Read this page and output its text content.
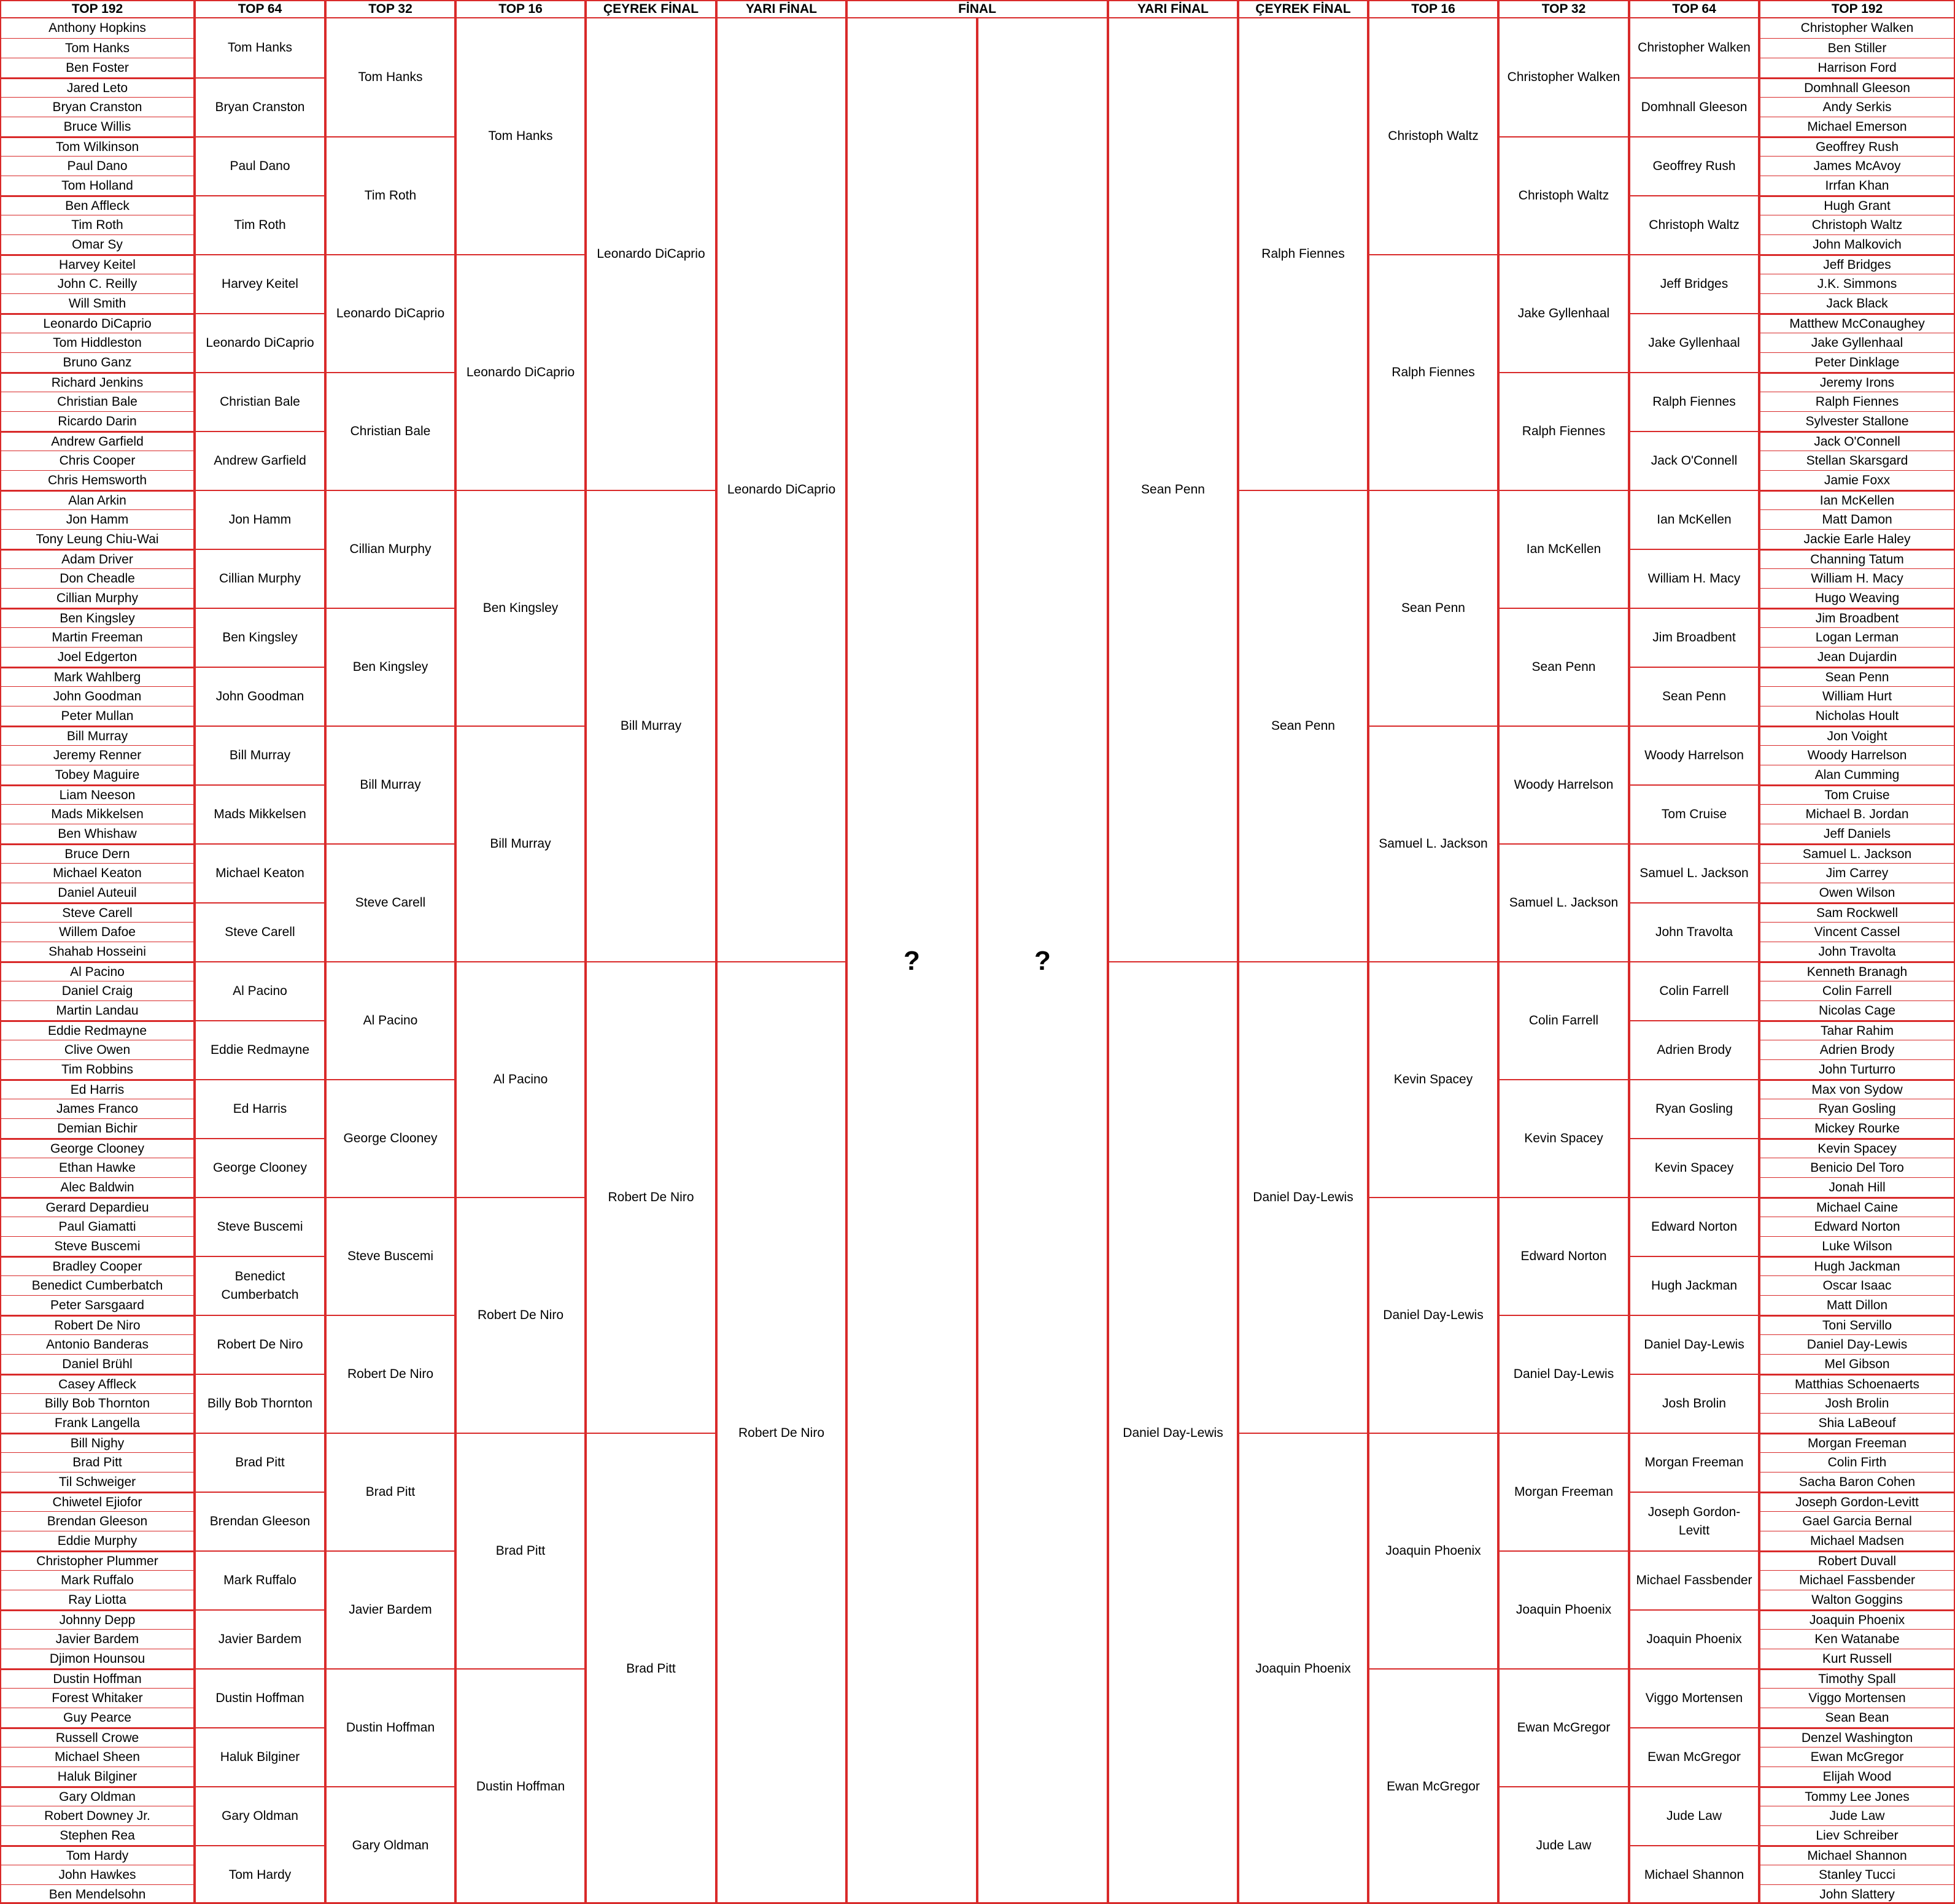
TOP 192
Anthony Hopkins
Tom Hanks
Ben Foster
Jared Leto
Bryan Cranston
Bruce Willis
Tom Wilkinson
Paul Dano
Tom Holland
Ben Affleck
Tim Roth
Omar Sy
Harvey Keitel
John C. Reilly
Will Smith
Leonardo DiCaprio
Tom Hiddleston
Bruno Ganz
Richard Jenkins
Christian Bale
Ricardo Darin
Andrew Garfield
Chris Cooper
Chris Hemsworth
Alan Arkin
Jon Hamm
Tony Leung Chiu-Wai
Adam Driver
Don Cheadle
Cillian Murphy
Ben Kingsley
Martin Freeman
Joel Edgerton
Mark Wahlberg
John Goodman
Peter Mullan
Bill Murray
Jeremy Renner
Tobey Maguire
Liam Neeson
Mads Mikkelsen
Ben Whishaw
Bruce Dern
Michael Keaton
Daniel Auteuil
Steve Carell
Willem Dafoe
Shahab Hosseini
Al Pacino
Daniel Craig
Martin Landau
Eddie Redmayne
Clive Owen
Tim Robbins
Ed Harris
James Franco
Demian Bichir
George Clooney
Ethan Hawke
Alec Baldwin
Gerard Depardieu
Paul Giamatti
Steve Buscemi
Bradley Cooper
Benedict Cumberbatch
Peter Sarsgaard
Robert De Niro
Antonio Banderas
Daniel Brühl
Casey Affleck
Billy Bob Thornton
Frank Langella
Bill Nighy
Brad Pitt
Til Schweiger
Chiwetel Ejiofor
Brendan Gleeson
Eddie Murphy
Christopher Plummer
Mark Ruffalo
Ray Liotta
Johnny Depp
Javier Bardem
Djimon Hounsou
Dustin Hoffman
Forest Whitaker
Guy Pearce
Russell Crowe
Michael Sheen
Haluk Bilginer
Gary Oldman
Robert Downey Jr.
Stephen Rea
Tom Hardy
John Hawkes
Ben Mendelsohn
TOP 64
Tom Hanks
Bryan Cranston
Paul Dano
Tim Roth
Harvey Keitel
Leonardo DiCaprio
Christian Bale
Andrew Garfield
Jon Hamm
Cillian Murphy
Ben Kingsley
John Goodman
Bill Murray
Mads Mikkelsen
Michael Keaton
Steve Carell
Al Pacino
Eddie Redmayne
Ed Harris
George Clooney
Steve Buscemi
Benedict Cumberbatch
Robert De Niro
Billy Bob Thornton
Brad Pitt
Brendan Gleeson
Mark Ruffalo
Javier Bardem
Dustin Hoffman
Haluk Bilginer
Gary Oldman
Tom Hardy
TOP 32
Tom Hanks
Tim Roth
Leonardo DiCaprio
Christian Bale
Cillian Murphy
Ben Kingsley
Bill Murray
Steve Carell
Al Pacino
George Clooney
Steve Buscemi
Robert De Niro
Brad Pitt
Javier Bardem
Dustin Hoffman
Gary Oldman
TOP 16
Tom Hanks
Leonardo DiCaprio
Ben Kingsley
Bill Murray
Al Pacino
Robert De Niro
Brad Pitt
Dustin Hoffman
ÇEYREK FİNAL
Leonardo DiCaprio
Bill Murray
Robert De Niro
Brad Pitt
YARI FİNAL
Leonardo DiCaprio
Robert De Niro
YARI FİNAL
Sean Penn
Daniel Day-Lewis
ÇEYREK FİNAL
Ralph Fiennes
Sean Penn
Daniel Day-Lewis
Joaquin Phoenix
TOP 16
Christoph Waltz
Ralph Fiennes
Sean Penn
Samuel L. Jackson
Kevin Spacey
Daniel Day-Lewis
Joaquin Phoenix
Ewan McGregor
TOP 32
Christopher Walken
Christoph Waltz
Jake Gyllenhaal
Ralph Fiennes
Ian McKellen
Sean Penn
Woody Harrelson
Samuel L. Jackson
Colin Farrell
Kevin Spacey
Edward Norton
Daniel Day-Lewis
Morgan Freeman
Joaquin Phoenix
Ewan McGregor
Jude Law
TOP 64
Christopher Walken
Domhnall Gleeson
Geoffrey Rush
Christoph Waltz
Jeff Bridges
Jake Gyllenhaal
Ralph Fiennes
Jack O'Connell
Ian McKellen
William H. Macy
Jim Broadbent
Sean Penn
Woody Harrelson
Tom Cruise
Samuel L. Jackson
John Travolta
Colin Farrell
Adrien Brody
Ryan Gosling
Kevin Spacey
Edward Norton
Hugh Jackman
Daniel Day-Lewis
Josh Brolin
Morgan Freeman
Joseph Gordon-Levitt
Michael Fassbender
Joaquin Phoenix
Viggo Mortensen
Ewan McGregor
Jude Law
Michael Shannon
TOP 192
Christopher Walken
Ben Stiller
Harrison Ford
Domhnall Gleeson
Andy Serkis
Michael Emerson
Geoffrey Rush
James McAvoy
Irrfan Khan
Hugh Grant
Christoph Waltz
John Malkovich
Jeff Bridges
J.K. Simmons
Jack Black
Matthew McConaughey
Jake Gyllenhaal
Peter Dinklage
Jeremy Irons
Ralph Fiennes
Sylvester Stallone
Jack O'Connell
Stellan Skarsgard
Jamie Foxx
Ian McKellen
Matt Damon
Jackie Earle Haley
Channing Tatum
William H. Macy
Hugo Weaving
Jim Broadbent
Logan Lerman
Jean Dujardin
Sean Penn
William Hurt
Nicholas Hoult
Jon Voight
Woody Harrelson
Alan Cumming
Tom Cruise
Michael B. Jordan
Jeff Daniels
Samuel L. Jackson
Jim Carrey
Owen Wilson
Sam Rockwell
Vincent Cassel
John Travolta
Kenneth Branagh
Colin Farrell
Nicolas Cage
Tahar Rahim
Adrien Brody
John Turturro
Max von Sydow
Ryan Gosling
Mickey Rourke
Kevin Spacey
Benicio Del Toro
Jonah Hill
Michael Caine
Edward Norton
Luke Wilson
Hugh Jackman
Oscar Isaac
Matt Dillon
Toni Servillo
Daniel Day-Lewis
Mel Gibson
Matthias Schoenaerts
Josh Brolin
Shia LaBeouf
Morgan Freeman
Colin Firth
Sacha Baron Cohen
Joseph Gordon-Levitt
Gael Garcia Bernal
Michael Madsen
Robert Duvall
Michael Fassbender
Walton Goggins
Joaquin Phoenix
Ken Watanabe
Kurt Russell
Timothy Spall
Viggo Mortensen
Sean Bean
Denzel Washington
Ewan McGregor
Elijah Wood
Tommy Lee Jones
Jude Law
Liev Schreiber
Michael Shannon
Stanley Tucci
John Slattery
FİNAL
?	?
